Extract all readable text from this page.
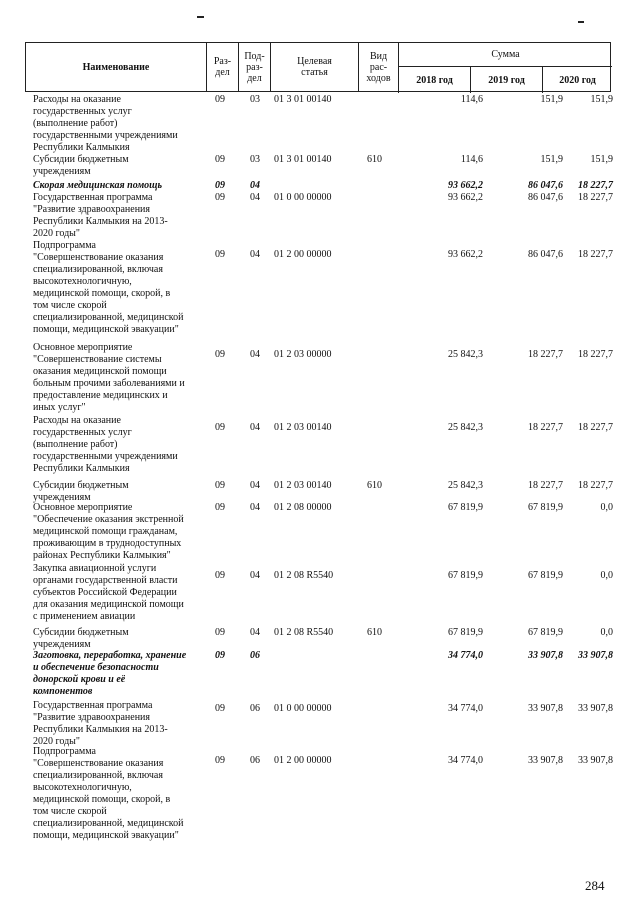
Наименование	Раз-
дел
Под-
раз-
дел
Целевая
статья
Вид
рас-
ходов
Сумма
2018 год	2019 год	2020 год
Расходы на оказание
государственных услуг
(выполнение работ)
государственными учреждениями
Республики Калмыкия
09	03 01 3 01 00140	114,6	151,9	151,9
Субсидии бюджетным
учреждениям
09	03 01 3 01 00140	610	114,6	151,9	151,9
Скорая медицинская помощь	09	04	93 662,2	86 047,6	18 227,7
Государственная программа
"Развитие здравоохранения
Республики Калмыкия на 2013-
2020 годы"
09	04 01 0 00 00000	93 662,2	86 047,6	18 227,7
Подпрограмма
"Совершенствование оказания
специализированной, включая
высокотехнологичную,
медицинской помощи, скорой, в
том числе скорой
специализированной, медицинской
помощи, медицинской эвакуации"
09	04 01 2 00 00000	93 662,2	86 047,6	18 227,7
Основное мероприятие
"Совершенствование системы
оказания медицинской помощи
больным прочими заболеваниями и
предоставление медицинских и
иных услуг"
09	04 01 2 03 00000	25 842,3	18 227,7	18 227,7
Расходы на оказание
государственных услуг
(выполнение работ)
государственными учреждениями
Республики Калмыкия
09	04 01 2 03 00140	25 842,3	18 227,7	18 227,7
Субсидии бюджетным
учреждениям
09	04 01 2 03 00140	610	25 842,3	18 227,7	18 227,7
Основное мероприятие
"Обеспечение оказания экстренной
медицинской помощи гражданам,
проживающим в труднодоступных
районах Республики Калмыкия"
09	04 01 2 08 00000	67 819,9	67 819,9	0,0
Закупка авиационной услуги
органами государственной власти
субъектов Российской Федерации
для оказания медицинской помощи
с применением авиации
09	04 01 2 08 R5540	67 819,9	67 819,9	0,0
Субсидии бюджетным
учреждениям
09	04 01 2 08 R5540	610	67 819,9	67 819,9	0,0
Заготовка, переработка, хранение
и обеспечение безопасности
донорской крови и её
компонентов
09	06	34 774,0	33 907,8	33 907,8
Государственная программа
"Развитие здравоохранения
Республики Калмыкия на 2013-
2020 годы"
09	06 01 0 00 00000	34 774,0	33 907,8	33 907,8
Подпрограмма
"Совершенствование оказания
специализированной, включая
высокотехнологичную,
медицинской помощи, скорой, в
том числе скорой
специализированной, медицинской
помощи, медицинской эвакуации"
09	06 01 2 00 00000	34 774,0	33 907,8	33 907,8
284
